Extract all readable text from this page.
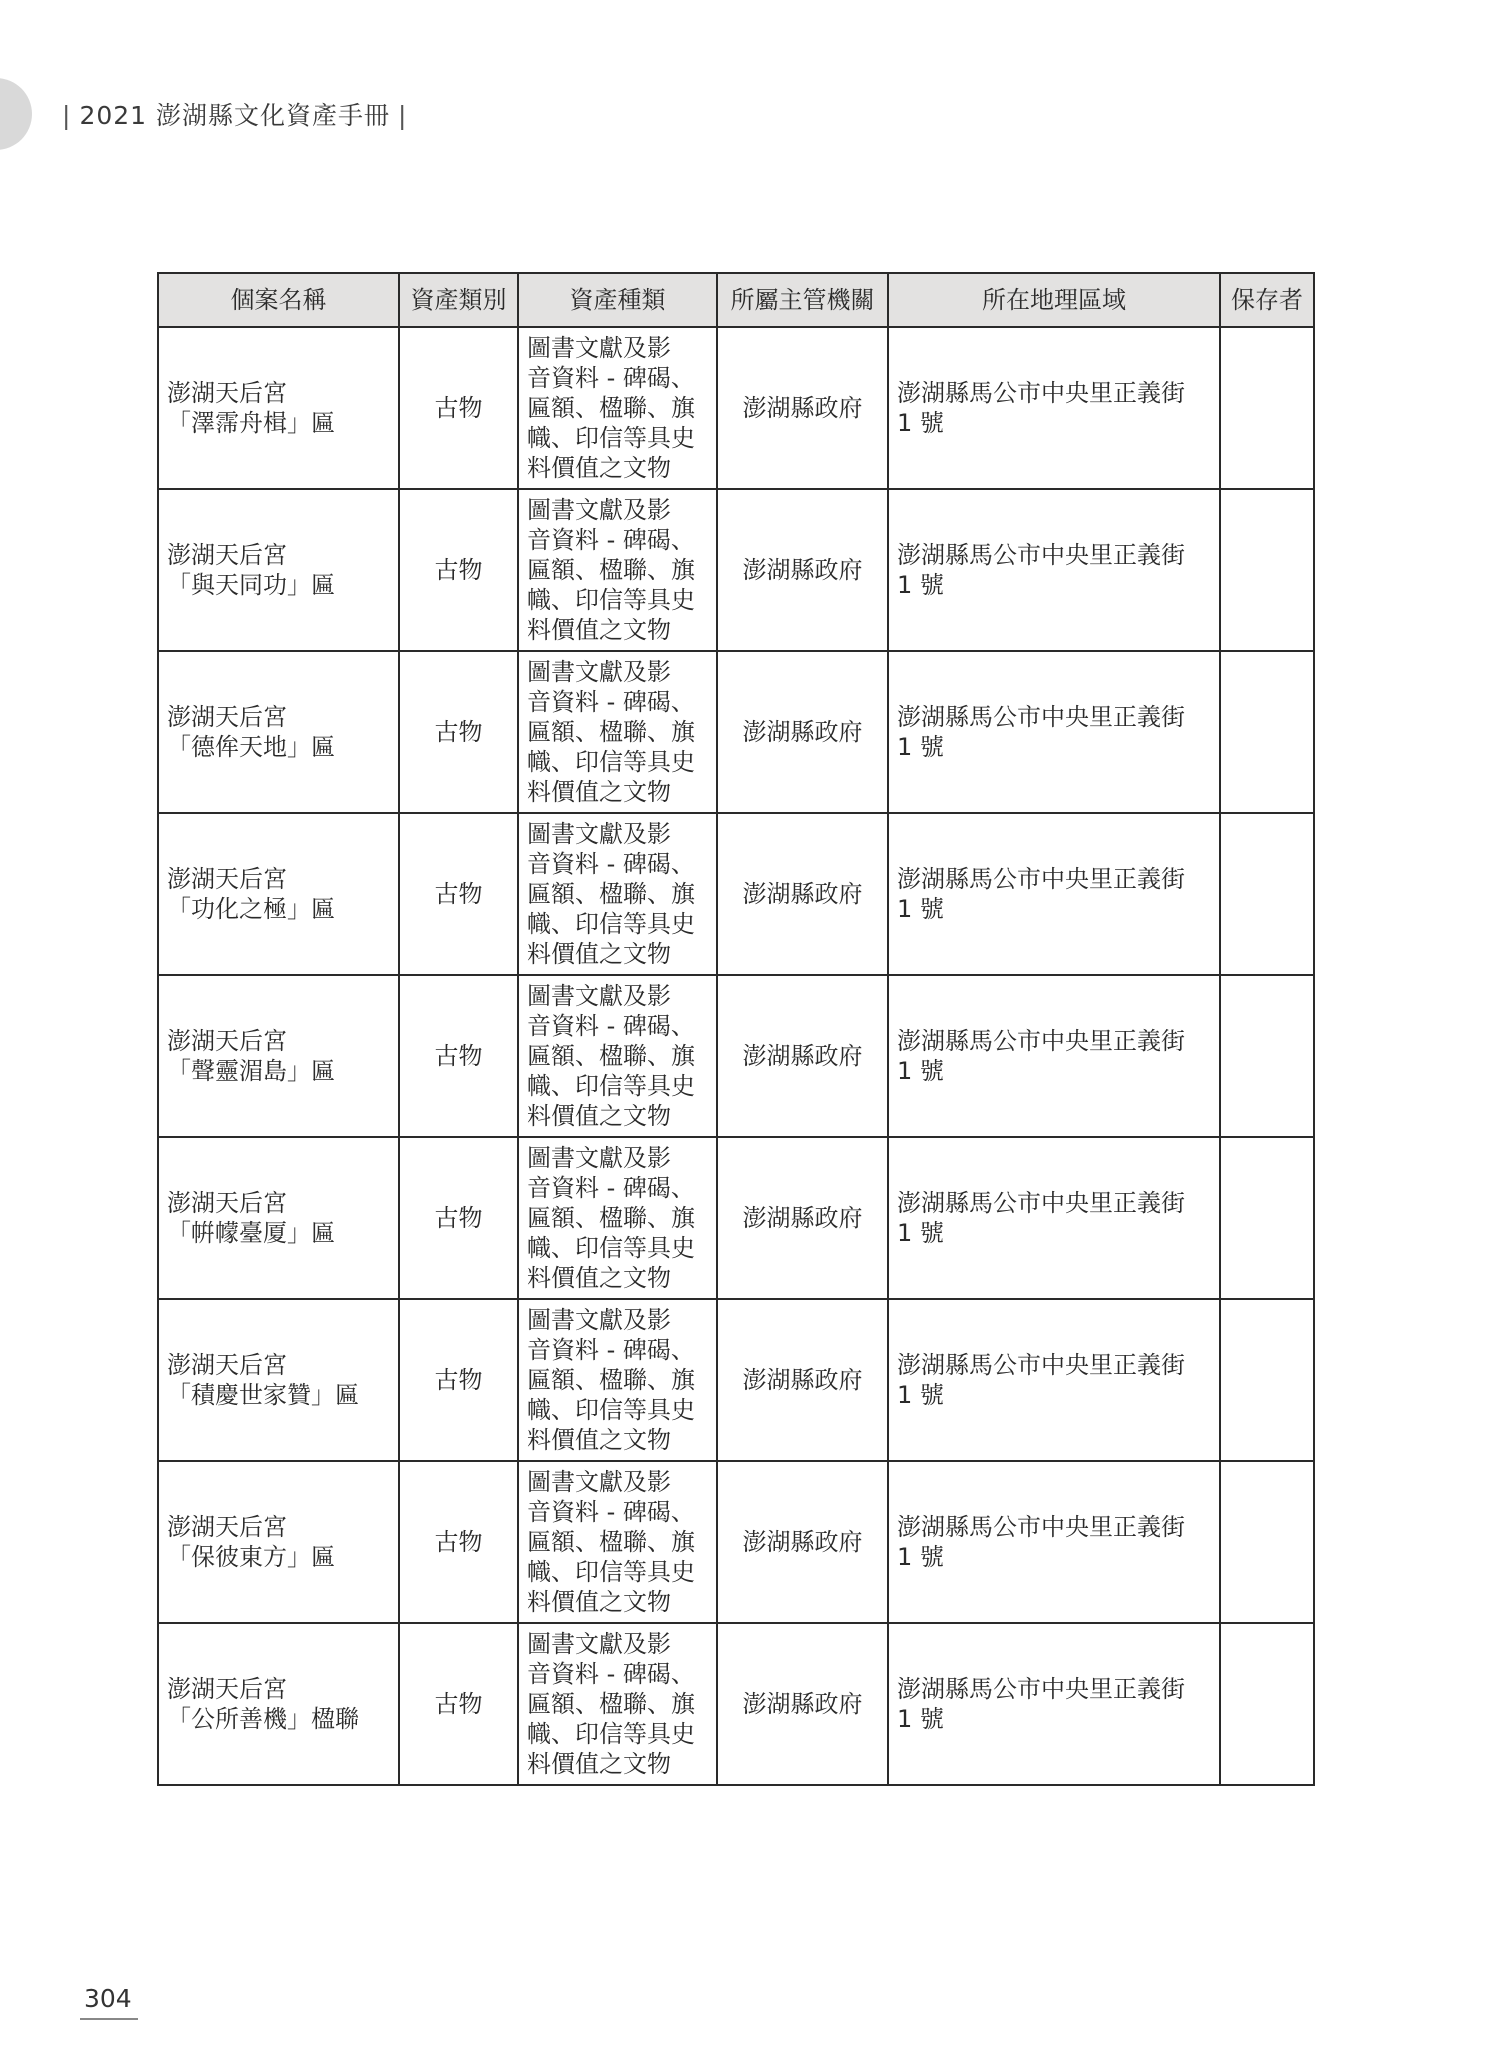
| 2021 澎湖縣文化資產手冊 |
個案名稱	資產類別	資產種類	所屬主管機關	所在地理區域	保存者

澎湖天后宮
「澤霈舟楫」匾	古物	圖書文獻及影
音資料 - 碑碣、
匾額、楹聯、旗
幟、印信等具史
料價值之文物	澎湖縣政府	澎湖縣馬公市中央里正義街
1 號	

澎湖天后宮
「與天同功」匾	古物	圖書文獻及影
音資料 - 碑碣、
匾額、楹聯、旗
幟、印信等具史
料價值之文物	澎湖縣政府	澎湖縣馬公市中央里正義街
1 號	

澎湖天后宮
「德侔天地」匾	古物	圖書文獻及影
音資料 - 碑碣、
匾額、楹聯、旗
幟、印信等具史
料價值之文物	澎湖縣政府	澎湖縣馬公市中央里正義街
1 號	

澎湖天后宮
「功化之極」匾	古物	圖書文獻及影
音資料 - 碑碣、
匾額、楹聯、旗
幟、印信等具史
料價值之文物	澎湖縣政府	澎湖縣馬公市中央里正義街
1 號	

澎湖天后宮
「聲靈湄島」匾	古物	圖書文獻及影
音資料 - 碑碣、
匾額、楹聯、旗
幟、印信等具史
料價值之文物	澎湖縣政府	澎湖縣馬公市中央里正義街
1 號	

澎湖天后宮
「帲幪臺厦」匾	古物	圖書文獻及影
音資料 - 碑碣、
匾額、楹聯、旗
幟、印信等具史
料價值之文物	澎湖縣政府	澎湖縣馬公市中央里正義街
1 號	

澎湖天后宮
「積慶世家贊」匾	古物	圖書文獻及影
音資料 - 碑碣、
匾額、楹聯、旗
幟、印信等具史
料價值之文物	澎湖縣政府	澎湖縣馬公市中央里正義街
1 號	

澎湖天后宮
「保彼東方」匾	古物	圖書文獻及影
音資料 - 碑碣、
匾額、楹聯、旗
幟、印信等具史
料價值之文物	澎湖縣政府	澎湖縣馬公市中央里正義街
1 號	

澎湖天后宮
「公所善機」楹聯	古物	圖書文獻及影
音資料 - 碑碣、
匾額、楹聯、旗
幟、印信等具史
料價值之文物	澎湖縣政府	澎湖縣馬公市中央里正義街
1 號	

304
